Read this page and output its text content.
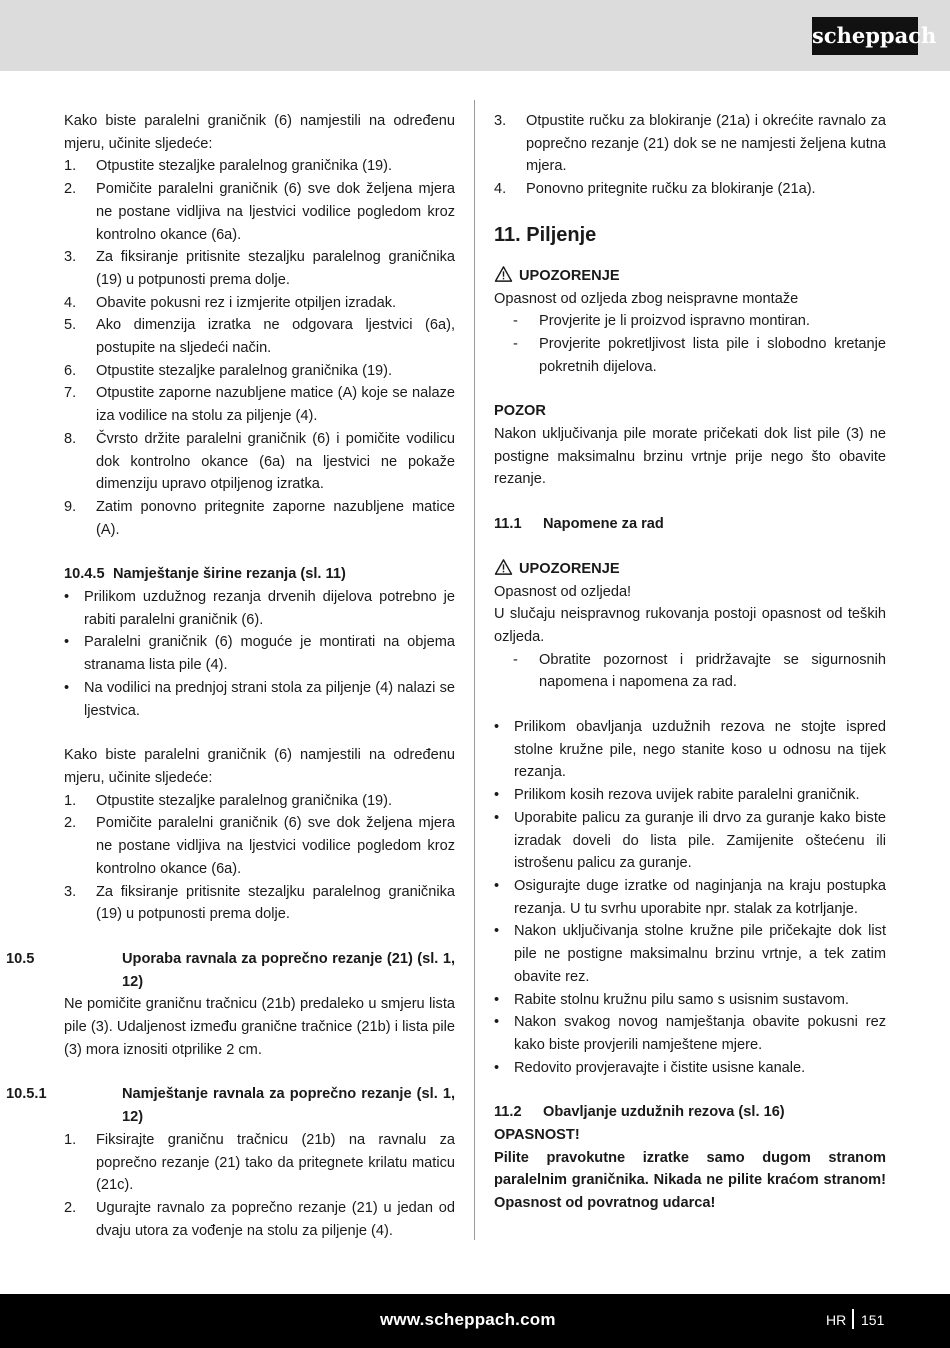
scheppach

Kako biste paralelni graničnik (6) namjestili na određenu mjeru, učinite sljedeće:

1. Otpustite stezaljke paralelnog graničnika (19).
2. Pomičite paralelni graničnik (6) sve dok željena mjera ne postane vidljiva na ljestvici vodilice pogledom kroz kontrolno okance (6a).
3. Za fiksiranje pritisnite stezaljku paralelnog graničnika (19) u potpunosti prema dolje.
4. Obavite pokusni rez i izmjerite otpiljen izradak.
5. Ako dimenzija izratka ne odgovara ljestvici (6a), postupite na sljedeći način.
6. Otpustite stezaljke paralelnog graničnika (19).
7. Otpustite zaporne nazubljene matice (A) koje se nalaze iza vodilice na stolu za piljenje (4).
8. Čvrsto držite paralelni graničnik (6) i pomičite vodilicu dok kontrolno okance (6a) na ljestvici ne pokaže dimenziju upravo otpiljenog izratka.
9. Zatim ponovno pritegnite zaporne nazubljene matice (A).

10.4.5 Namještanje širine rezanja (sl. 11)

• Prilikom uzdužnog rezanja drvenih dijelova potrebno je rabiti paralelni graničnik (6).
• Paralelni graničnik (6) moguće je montirati na objema stranama lista pile (4).
• Na vodilici na prednjoj strani stola za piljenje (4) nalazi se ljestvica.

Kako biste paralelni graničnik (6) namjestili na određenu mjeru, učinite sljedeće:

1. Otpustite stezaljke paralelnog graničnika (19).
2. Pomičite paralelni graničnik (6) sve dok željena mjera ne postane vidljiva na ljestvici vodilice pogledom kroz kontrolno okance (6a).
3. Za fiksiranje pritisnite stezaljku paralelnog graničnika (19) u potpunosti prema dolje.

10.5	Uporaba ravnala za poprečno rezanje (21) (sl. 1, 12)

Ne pomičite graničnu tračnicu (21b) predaleko u smjeru lista pile (3). Udaljenost između granične tračnice (21b) i lista pile (3) mora iznositi otprilike 2 cm.

10.5.1	Namještanje ravnala za poprečno rezanje (sl. 1, 12)

1. Fiksirajte graničnu tračnicu (21b) na ravnalu za poprečno rezanje (21) tako da pritegnete krilatu maticu (21c).
2. Ugurajte ravnalo za poprečno rezanje (21) u jedan od dvaju utora za vođenje na stolu za piljenje (4).
3. Otpustite ručku za blokiranje (21a) i okrećite ravnalo za poprečno rezanje (21) dok se ne namjesti željena kutna mjera.
4. Ponovno pritegnite ručku za blokiranje (21a).

11. Piljenje

UPOZORENJE

Opasnost od ozljeda zbog neispravne montaže

- Provjerite je li proizvod ispravno montiran.
- Provjerite pokretljivost lista pile i slobodno kretanje pokretnih dijelova.

POZOR

Nakon uključivanja pile morate pričekati dok list pile (3) ne postigne maksimalnu brzinu vrtnje prije nego što obavite rezanje.

11.1 Napomene za rad

UPOZORENJE

Opasnost od ozljeda!

U slučaju neispravnog rukovanja postoji opasnost od teških ozljeda.

- Obratite pozornost i pridržavajte se sigurnosnih napomena i napomena za rad.
• Prilikom obavljanja uzdužnih rezova ne stojte ispred stolne kružne pile, nego stanite koso u odnosu na tijek rezanja.
• Prilikom kosih rezova uvijek rabite paralelni graničnik.
• Uporabite palicu za guranje ili drvo za guranje kako biste izradak doveli do lista pile. Zamijenite oštećenu ili istrošenu palicu za guranje.
• Osigurajte duge izratke od naginjanja na kraju postupka rezanja. U tu svrhu uporabite npr. stalak za kotrljanje.
• Nakon uključivanja stolne kružne pile pričekajte dok list pile ne postigne maksimalnu brzinu vrtnje, a tek zatim obavite rez.
• Rabite stolnu kružnu pilu samo s usisnim sustavom.
• Nakon svakog novog namještanja obavite pokusni rez kako biste provjerili namještene mjere.
• Redovito provjeravajte i čistite usisne kanale.

11.2 Obavljanje uzdužnih rezova (sl. 16)

OPASNOST!

Pilite pravokutne izratke samo dugom stranom paralelnim graničnika. Nikada ne pilite kraćom stranom! Opasnost od povratnog udarca!

www.scheppach.com	HR 151
